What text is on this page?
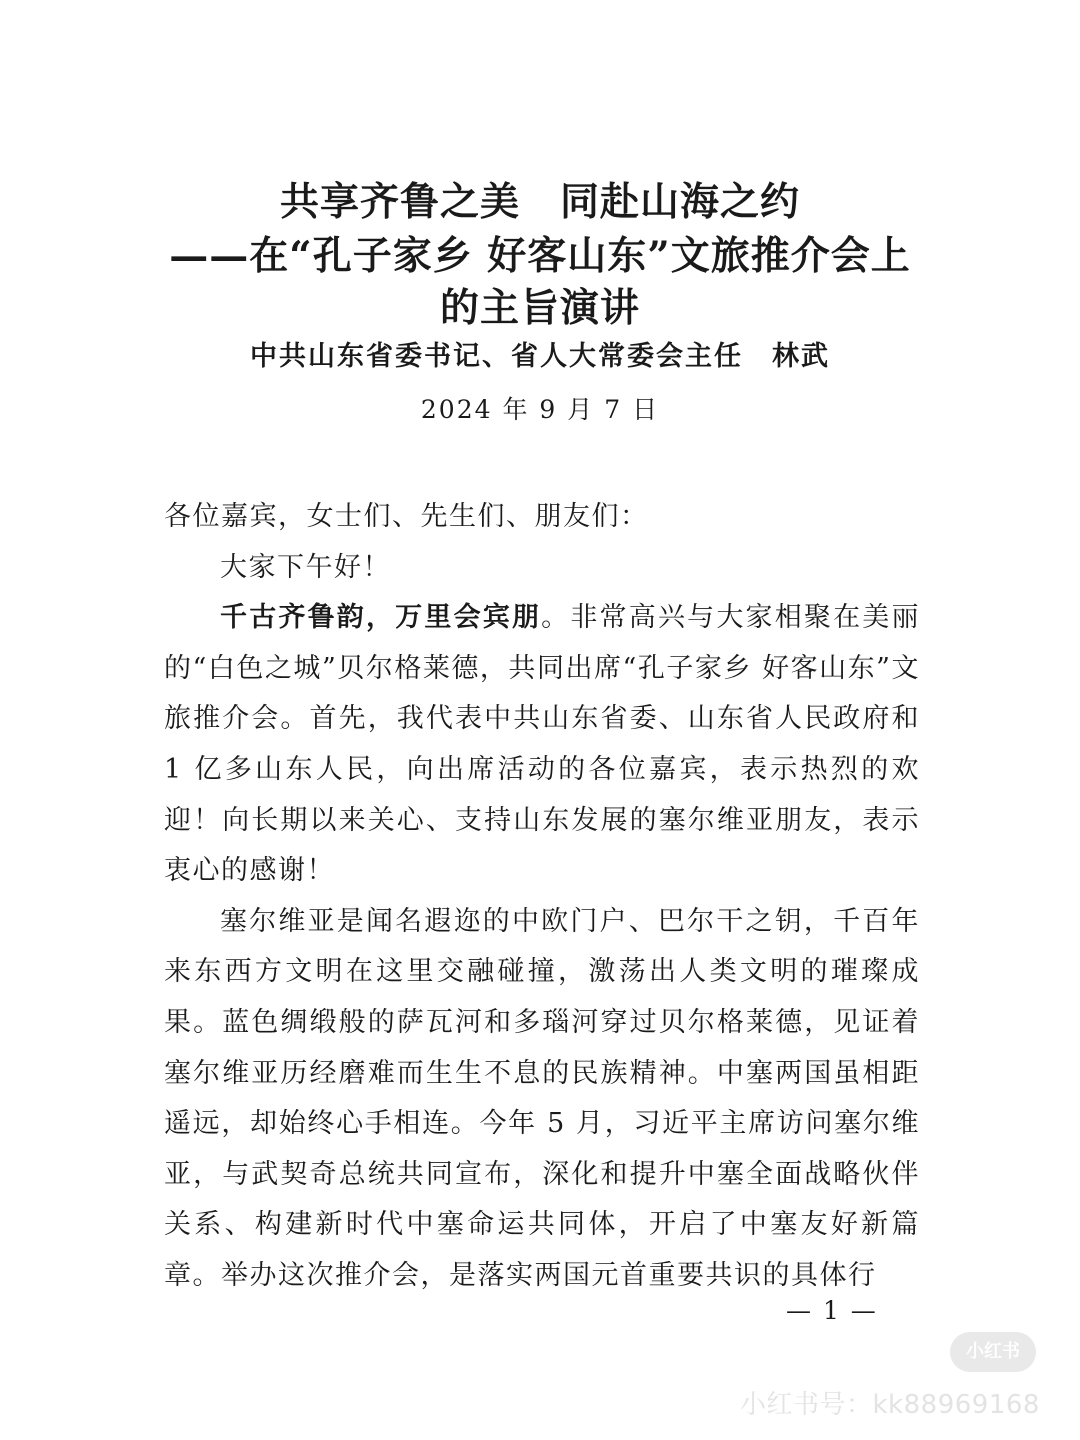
共享齐鲁之美　同赴山海之约
——在“孔子家乡 好客山东”文旅推介会上
的主旨演讲
中共山东省委书记、省人大常委会主任　林武
2024 年 9 月 7 日

各位嘉宾，女士们、先生们、朋友们：

大家下午好！

千古齐鲁韵，万里会宾朋。非常高兴与大家相聚在美丽的“白色之城”贝尔格莱德，共同出席“孔子家乡 好客山东”文旅推介会。首先，我代表中共山东省委、山东省人民政府和 1 亿多山东人民，向出席活动的各位嘉宾，表示热烈的欢迎！向长期以来关心、支持山东发展的塞尔维亚朋友，表示衷心的感谢！

塞尔维亚是闻名遐迩的中欧门户、巴尔干之钥，千百年来东西方文明在这里交融碰撞，激荡出人类文明的璀璨成果。蓝色绸缎般的萨瓦河和多瑙河穿过贝尔格莱德，见证着塞尔维亚历经磨难而生生不息的民族精神。中塞两国虽相距遥远，却始终心手相连。今年 5 月，习近平主席访问塞尔维亚，与武契奇总统共同宣布，深化和提升中塞全面战略伙伴关系、构建新时代中塞命运共同体，开启了中塞友好新篇章。举办这次推介会，是落实两国元首重要共识的具体行

— 1 —
小红书
小红书号：kk88969168
